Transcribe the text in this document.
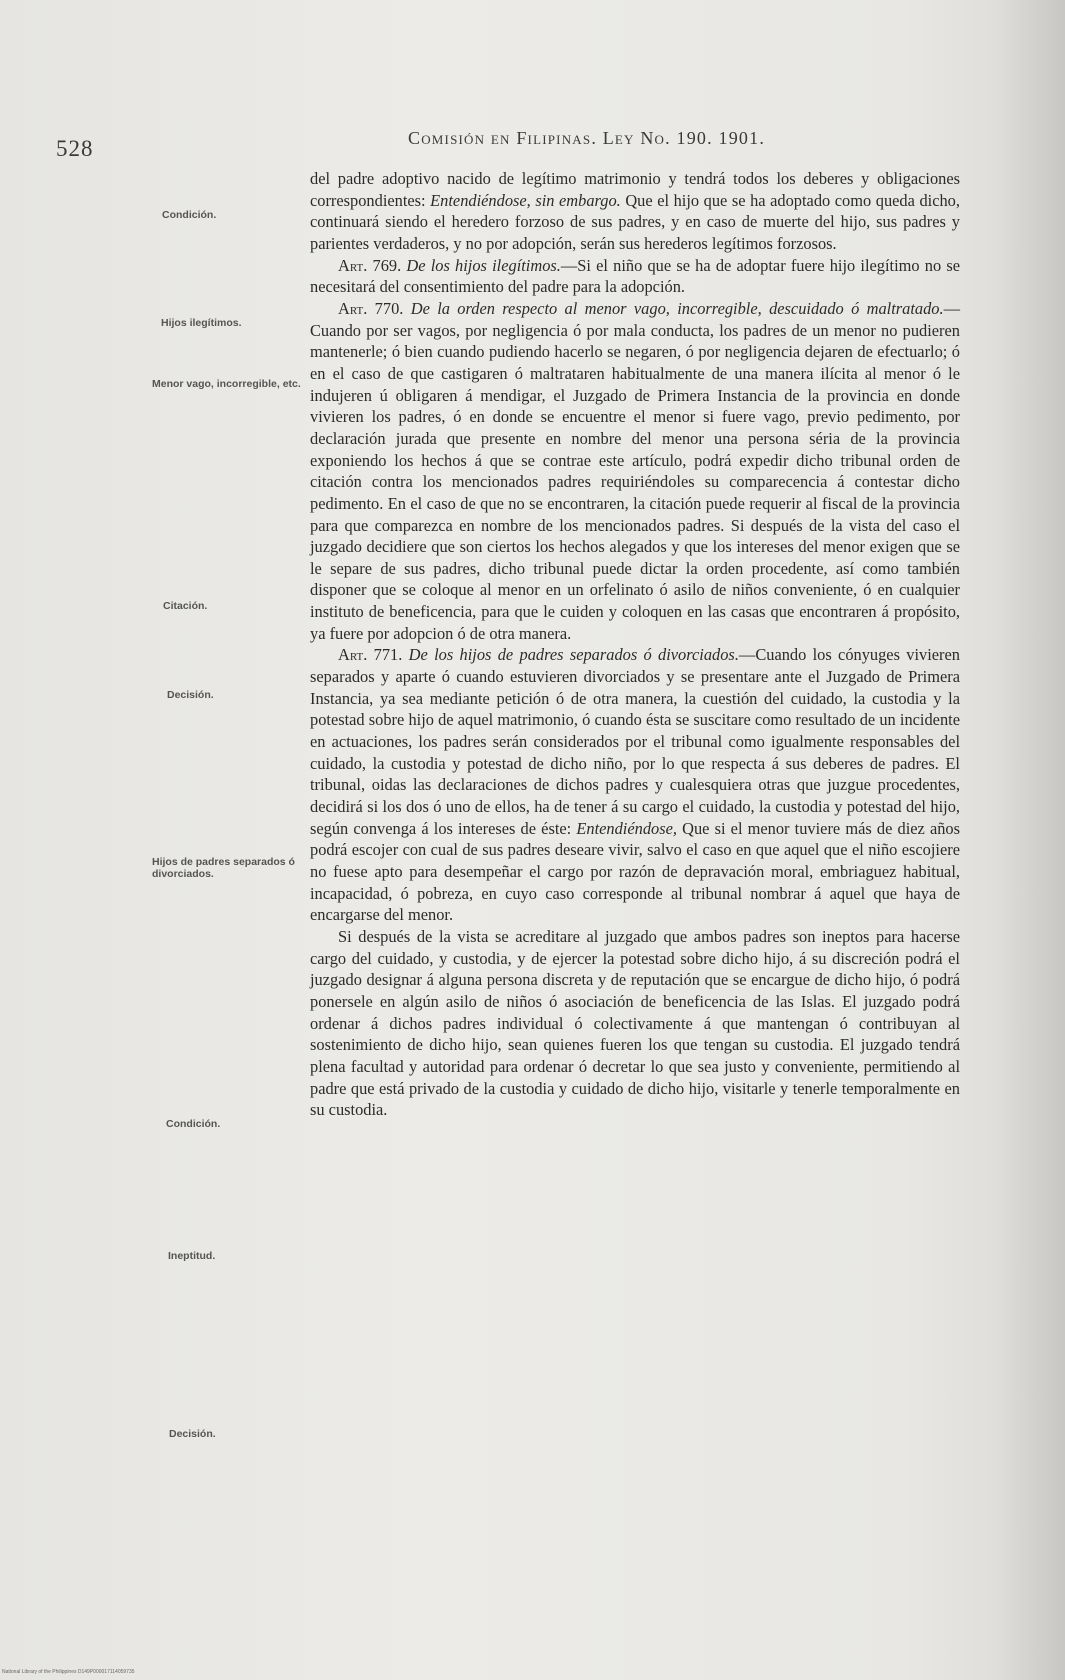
528	Comisión en Filipinas. Ley No. 190. 1901.
Condición.
Hijos ilegítimos.
Menor vago, incorregible, etc.
Citación.
Decisión.
Hijos de padres separados ó divorciados.
Condición.
Ineptitud.
Decisión.

del padre adoptivo nacido de legítimo matrimonio y tendrá todos los deberes y obligaciones correspondientes: Entendiéndose, sin embargo. Que el hijo que se ha adoptado como queda dicho, continuará siendo el heredero forzoso de sus padres, y en caso de muerte del hijo, sus padres y parientes verdaderos, y no por adopción, serán sus herederos legítimos forzosos.

Art. 769. De los hijos ilegítimos.—Si el niño que se ha de adoptar fuere hijo ilegítimo no se necesitará del consentimiento del padre para la adopción.

Art. 770. De la orden respecto al menor vago, incorregible, descuidado ó maltratado.—Cuando por ser vagos, por negligencia ó por mala conducta, los padres de un menor no pudieren mantenerle; ó bien cuando pudiendo hacerlo se negaren, ó por negligencia dejaren de efectuarlo; ó en el caso de que castigaren ó maltrataren habitualmente de una manera ilícita al menor ó le indujeren ú obligaren á mendigar, el Juzgado de Primera Instancia de la provincia en donde vivieren los padres, ó en donde se encuentre el menor si fuere vago, previo pedimento, por declaración jurada que presente en nombre del menor una persona séria de la provincia exponiendo los hechos á que se contrae este artículo, podrá expedir dicho tribunal orden de citación contra los mencionados padres requiriéndoles su comparecencia á contestar dicho pedimento. En el caso de que no se encontraren, la citación puede requerir al fiscal de la provincia para que comparezca en nombre de los mencionados padres. Si después de la vista del caso el juzgado decidiere que son ciertos los hechos alegados y que los intereses del menor exigen que se le separe de sus padres, dicho tribunal puede dictar la orden procedente, así como también disponer que se coloque al menor en un orfelinato ó asilo de niños conveniente, ó en cualquier instituto de beneficencia, para que le cuiden y coloquen en las casas que encontraren á propósito, ya fuere por adopcion ó de otra manera.

Art. 771. De los hijos de padres separados ó divorciados.—Cuando los cónyuges vivieren separados y aparte ó cuando estuvieren divorciados y se presentare ante el Juzgado de Primera Instancia, ya sea mediante petición ó de otra manera, la cuestión del cuidado, la custodia y la potestad sobre hijo de aquel matrimonio, ó cuando ésta se suscitare como resultado de un incidente en actuaciones, los padres serán considerados por el tribunal como igualmente responsables del cuidado, la custodia y potestad de dicho niño, por lo que respecta á sus deberes de padres. El tribunal, oidas las declaraciones de dichos padres y cualesquiera otras que juzgue procedentes, decidirá si los dos ó uno de ellos, ha de tener á su cargo el cuidado, la custodia y potestad del hijo, según convenga á los intereses de éste: Entendiéndose, Que si el menor tuviere más de diez años podrá escojer con cual de sus padres deseare vivir, salvo el caso en que aquel que el niño escojiere no fuese apto para desempeñar el cargo por razón de depravación moral, embriaguez habitual, incapacidad, ó pobreza, en cuyo caso corresponde al tribunal nombrar á aquel que haya de encargarse del menor.

Si después de la vista se acreditare al juzgado que ambos padres son ineptos para hacerse cargo del cuidado, y custodia, y de ejercer la potestad sobre dicho hijo, á su discreción podrá el juzgado designar á alguna persona discreta y de reputación que se encargue de dicho hijo, ó podrá ponersele en algún asilo de niños ó asociación de beneficencia de las Islas. El juzgado podrá ordenar á dichos padres individual ó colectivamente á que mantengan ó contribuyan al sostenimiento de dicho hijo, sean quienes fueren los que tengan su custodia. El juzgado tendrá plena facultad y autoridad para ordenar ó decretar lo que sea justo y conveniente, permitiendo al padre que está privado de la custodia y cuidado de dicho hijo, visitarle y tenerle temporalmente en su custodia.

National Library of the Philippines D149P000017114059735
